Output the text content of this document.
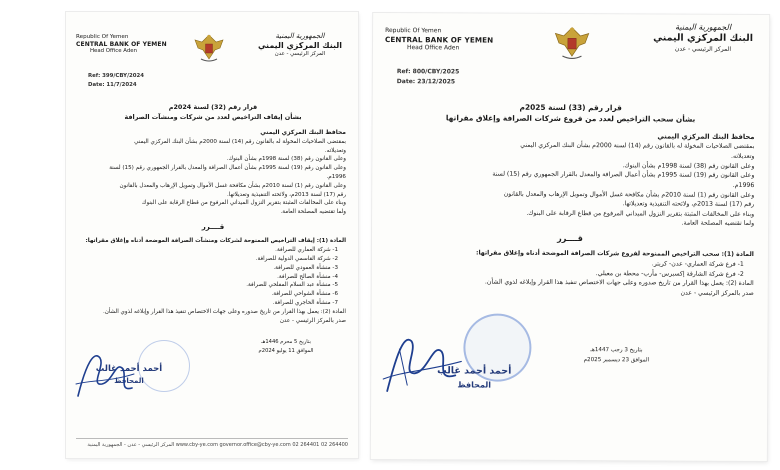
Republic Of Yemen
CENTRAL BANK OF YEMEN
Head Office Aden
الجمهورية اليمنية
البنك المركزي اليمني
المركز الرئيسي - عدن
Ref: 399/CBY/2024
Date: 11/7/2024

قرار رقم (32) لسنة 2024م

بشأن إيقاف التراخيص لعدد من شركات ومنشآت الصرافة

محافظ البنك المركزي اليمني

بمقتضى الصلاحيات المخولة له بالقانون رقم (14) لسنة 2000م بشأن البنك المركزي اليمني

وتعديلاته.

وعلى القانون رقم (38) لسنة 1998م بشأن البنوك.

وعلى القانون رقم (19) لسنة 1995م بشأن أعمال الصرافة والمعدل بالقرار الجمهوري رقم (15) لسنة

1996م.

وعلى القانون رقم (1) لسنة 2010م بشأن مكافحة غسل الأموال وتمويل الإرهاب والمعدل بالقانون

رقم (17) لسنة 2013م، ولائحته التنفيذية وتعديلاتها.

وبناء على المخالفات المثبتة بتقرير النزول الميداني المرفوع من قطاع الرقابة على البنوك

ولما تقتضيه المصلحة العامة.

قــــرر

المادة (1): إيقاف التراخيص الممنوحة لشركات ومنشآت الصرافة الموضحة أدناه وإغلاق مقراتها:

1- شركة العماري للصرافة.

2- شركة القاسمي الدولية للصرافة.

3- منشأة العمودي للصرافة.

4- منشأة الصالح للصرافة.

5- منشأة عبد السلام المفلحي للصرافة.

6- منشأة الشواحي للصرافة.

7- منشأة الحاجري للصرافة.

المادة (2): يعمل بهذا القرار من تاريخ صدوره وعلى جهات الاختصاص تنفيذ هذا القرار وإبلاغه لذوي الشأن.

صدر بالمركز الرئيسي - عدن

بتاريخ 5 محرم 1446هـ

الموافق 11 يوليو 2024م

أحمد أحمد غالب

المحافظ

www.cby-ye.com governor.office@cby-ye.com 02 264401 02 264400 المركز الرئيسي - عدن - الجمهورية اليمنية
Republic Of Yemen
CENTRAL BANK OF YEMEN
Head Office Aden
الجمهورية اليمنية
البنك المركزي اليمني
المركز الرئيسي - عدن
Ref: 800/CBY/2025
Date: 23/12/2025

قرار رقم (33) لسنة 2025م

بشأن سحب التراخيص لعدد من فروع شركات الصرافة وإغلاق مقراتها

محافظ البنك المركزي اليمني

بمقتضى الصلاحيات المخولة له بالقانون رقم (14) لسنة 2000م بشأن البنك المركزي اليمني

وتعديلاته.

وعلى القانون رقم (38) لسنة 1998م بشأن البنوك.

وعلى القانون رقم (19) لسنة 1995م بشأن أعمال الصرافة والمعدل بالقرار الجمهوري رقم (15) لسنة

1996م.

وعلى القانون رقم (1) لسنة 2010م بشأن مكافحة غسل الأموال وتمويل الإرهاب والمعدل بالقانون

رقم (17) لسنة 2013م، ولائحته التنفيذية وتعديلاتها.

وبناء على المخالفات المثبتة بتقرير النزول الميداني المرفوع من قطاع الرقابة على البنوك.

ولما تقتضيه المصلحة العامة.

قــــرر

المادة (1): سحب التراخيص الممنوحة لفروع شركات الصرافة الموضحة أدناه وإغلاق مقراتها:

1- فرع شركة العماري- عدن- كريتر.

2- فرع شركة الشارقة إكسبرس- مأرب- محطة بن معيلي.

المادة (2): يعمل بهذا القرار من تاريخ صدوره وعلى جهات الاختصاص تنفيذ هذا القرار وإبلاغه لذوي الشأن.

صدر بالمركز الرئيسي - عدن

بتاريخ 3 رجب 1447هـ

الموافق 23 ديسمبر 2025م

أحمد أحمد غالب

المحافظ
